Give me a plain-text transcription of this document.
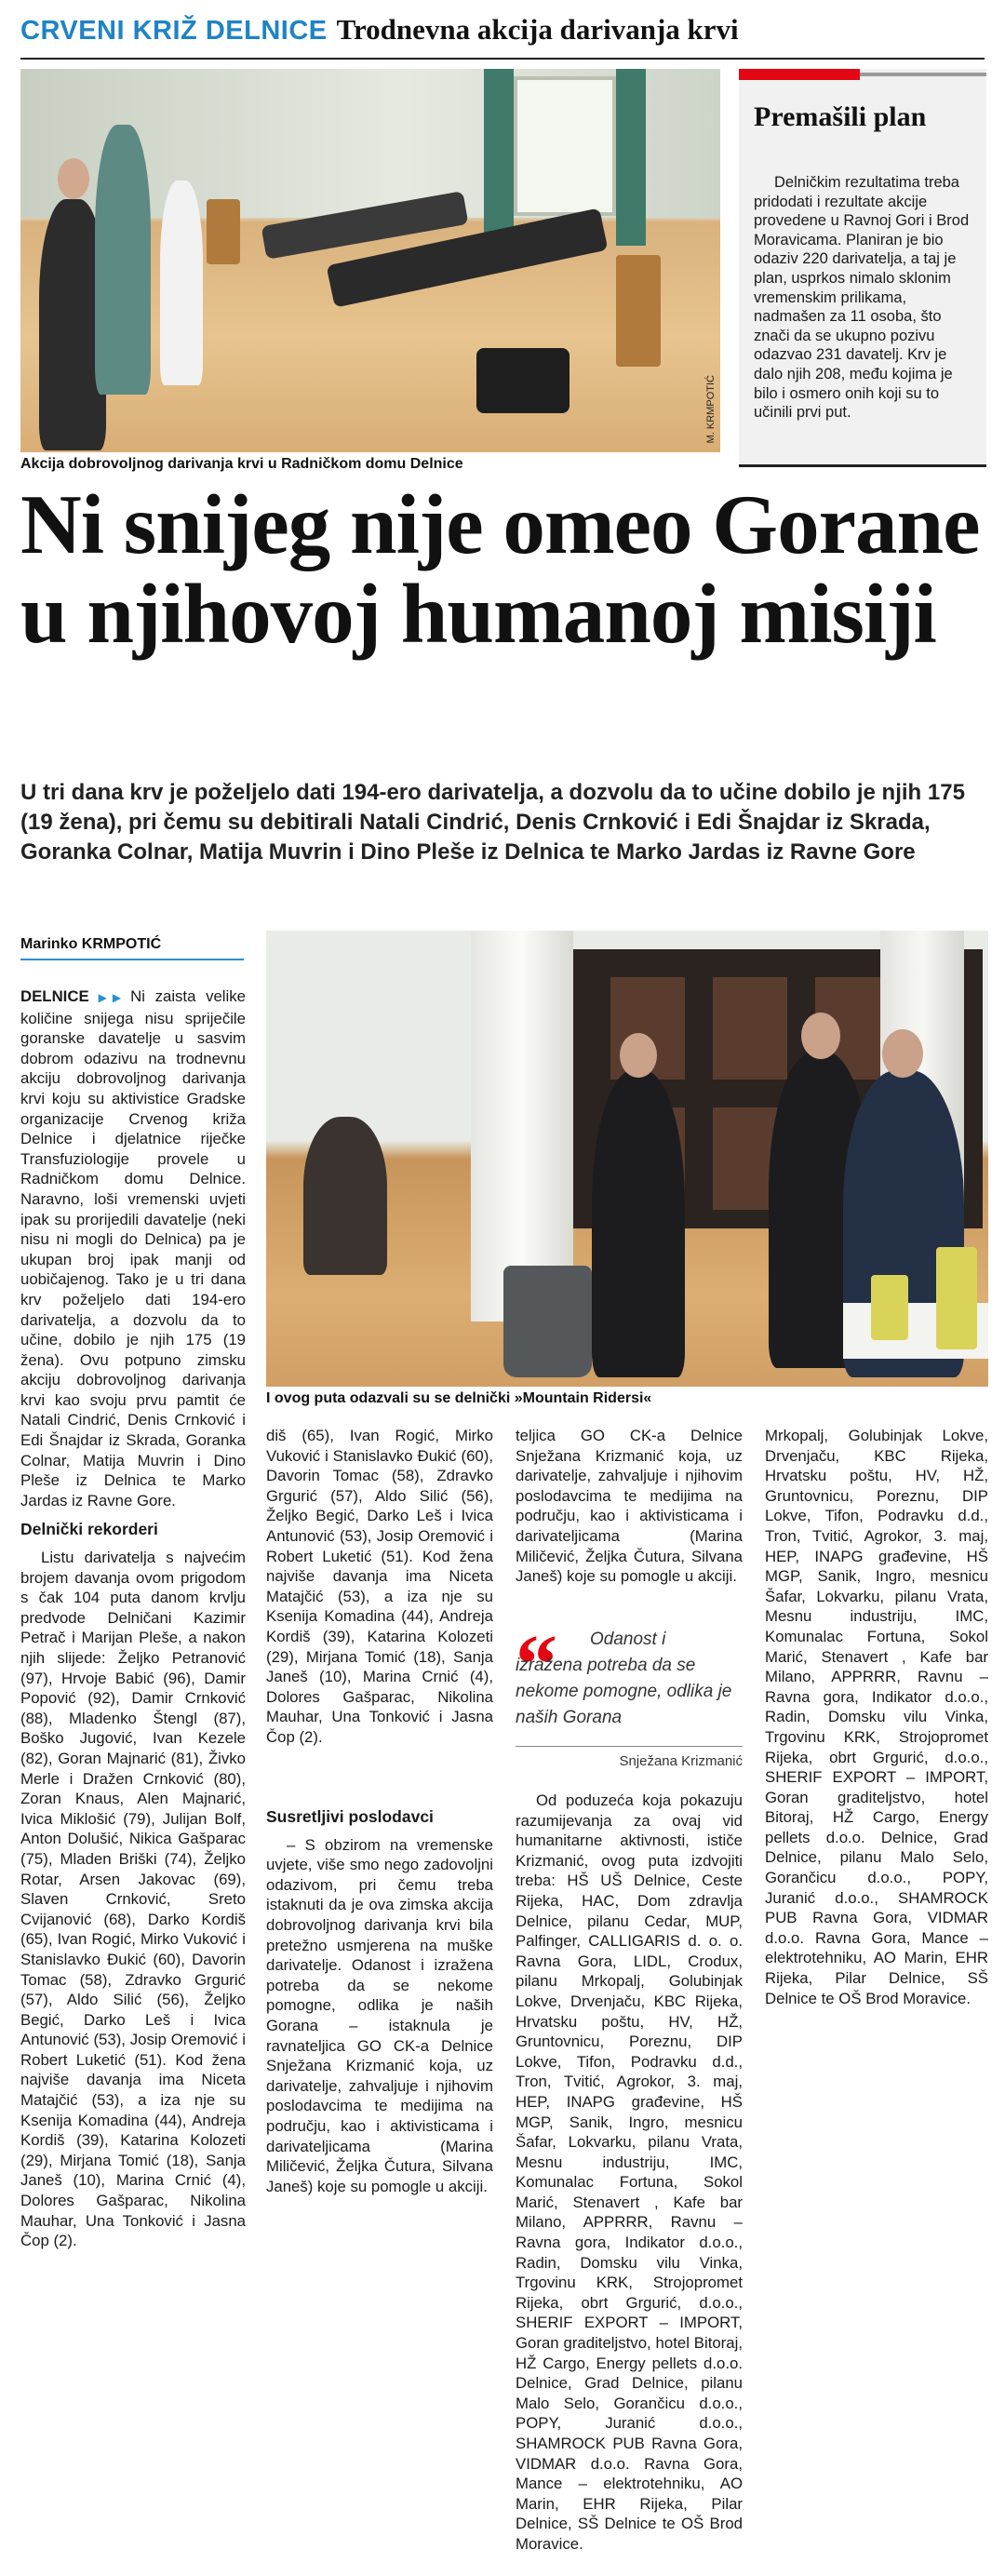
CRVENI KRIŽ DELNICE Trodnevna akcija darivanja krvi
M. KRMPOTIĆ
Akcija dobrovoljnog darivanja krvi u Radničkom domu Delnice
Premašili plan

Delničkim rezultatima treba pridodati i rezultate akcije provedene u Ravnoj Gori i Brod Moravicama. Planiran je bio odaziv 220 darivatelja, a taj je plan, usprkos nimalo sklonim vremenskim prilikama, nadmašen za 11 osoba, što znači da se ukupno pozivu odazvao 231 davatelj. Krv je dalo njih 208, među kojima je bilo i osmero onih koji su to učinili prvi put.

Ni snijeg nije omeo Gorane u njihovoj humanoj misiji

U tri dana krv je poželjelo dati 194-ero darivatelja, a dozvolu da to učine dobilo je njih 175 (19 žena), pri čemu su debitirali Natali Cindrić, Denis Crnković i Edi Šnajdar iz Skrada, Goranka Colnar, Matija Muvrin i Dino Pleše iz Delnica te Marko Jardas iz Ravne Gore

Marinko KRMPOTIĆ
I ovog puta odazvali su se delnički »Mountain Ridersi«

DELNICE ▶▶ Ni zaista velike količine snijega nisu spriječile goranske davatelje u sasvim dobrom odazivu na trodnevnu akciju dobrovoljnog darivanja krvi koju su aktivistice Gradske organizacije Crvenog križa Delnice i djelatnice riječke Transfuziologije provele u Radničkom domu Delnice. Naravno, loši vremenski uvjeti ipak su prorijedili davatelje (neki nisu ni mogli do Delnica) pa je ukupan broj ipak manji od uobičajenog. Tako je u tri dana krv poželjelo dati 194-ero darivatelja, a dozvolu da to učine, dobilo je njih 175 (19 žena). Ovu potpuno zimsku akciju dobrovoljnog darivanja krvi kao svoju prvu pamtit će Natali Cindrić, Denis Crnković i Edi Šnajdar iz Skrada, Goranka Colnar, Matija Muvrin i Dino Pleše iz Delnica te Marko Jardas iz Ravne Gore.

Delnički rekorderi

Listu darivatelja s najvećim brojem davanja ovom prigodom s čak 104 puta danom krvlju predvode Delničani Kazimir Petrač i Marijan Pleše, a nakon njih slijede: Željko Petranović (97), Hrvoje Babić (96), Damir Popović (92), Damir Crnković (88), Mladenko Štengl (87), Boško Jugović, Ivan Kezele (82), Goran Majnarić (81), Živko Merle i Dražen Crnković (80), Zoran Knaus, Alen Majnarić, Ivica Miklošić (79), Julijan Bolf, Anton Dolušić, Nikica Gašparac (75), Mladen Briški (74), Željko Rotar, Arsen Jakovac (69), Slaven Crnković, Sreto Cvijanović (68), Darko Kordiš (65), Ivan Rogić, Mirko Vuković i Stanislavko Đukić (60), Davorin Tomac (58), Zdravko Grgurić (57), Aldo Silić (56), Željko Begić, Darko Leš i Ivica Antunović (53), Josip Oremović i Robert Luketić (51). Kod žena najviše davanja ima Niceta Matajčić (53), a iza nje su Ksenija Komadina (44), Andreja Kordiš (39), Katarina Kolozeti (29), Mirjana Tomić (18), Sanja Janeš (10), Marina Crnić (4), Dolores Gašparac, Nikolina Mauhar, Una Tonković i Jasna Čop (2).

diš (65), Ivan Rogić, Mirko Vuković i Stanislavko Đukić (60), Davorin Tomac (58), Zdravko Grgurić (57), Aldo Silić (56), Željko Begić, Darko Leš i Ivica Antunović (53), Josip Oremović i Robert Luketić (51). Kod žena najviše davanja ima Niceta Matajčić (53), a iza nje su Ksenija Komadina (44), Andreja Kordiš (39), Katarina Kolozeti (29), Mirjana Tomić (18), Sanja Janeš (10), Marina Crnić (4), Dolores Gašparac, Nikolina Mauhar, Una Tonković i Jasna Čop (2).

Susretljivi poslodavci

– S obzirom na vremenske uvjete, više smo nego zadovoljni odazivom, pri čemu treba istaknuti da je ova zimska akcija dobrovoljnog darivanja krvi bila pretežno usmjerena na muške darivatelje. Odanost i izražena potreba da se nekome pomogne, odlika je naših Gorana – istaknula je ravnateljica GO CK-a Delnice Snježana Krizmanić koja, uz darivatelje, zahvaljuje i njihovim poslodavcima te medijima na području, kao i aktivisticama i darivateljicama (Marina Miličević, Željka Čutura, Silvana Janeš) koje su pomogle u akciji.

teljica GO CK-a Delnice Snježana Krizmanić koja, uz darivatelje, zahvaljuje i njihovim poslodavcima te medijima na području, kao i aktivisticama i darivateljicama (Marina Miličević, Željka Čutura, Silvana Janeš) koje su pomogle u akciji.

“	Odanost i izražena potreba da se nekome pomogne, odlika je naših Gorana
Snježana Krizmanić

Od poduzeća koja pokazuju razumijevanja za ovaj vid humanitarne aktivnosti, ističe Krizmanić, ovog puta izdvojiti treba: HŠ UŠ Delnice, Ceste Rijeka, HAC, Dom zdravlja Delnice, pilanu Cedar, MUP, Palfinger, CALLIGARIS d. o. o. Ravna Gora, LIDL, Crodux, pilanu Mrkopalj, Golubinjak Lokve, Drvenjaču, KBC Rijeka, Hrvatsku poštu, HV, HŽ, Gruntovnicu, Poreznu, DIP Lokve, Tifon, Podravku d.d., Tron, Tvitić, Agrokor, 3. maj, HEP, INAPG građevine, HŠ MGP, Sanik, Ingro, mesnicu Šafar, Lokvarku, pilanu Vrata, Mesnu industriju, IMC, Komunalac Fortuna, Sokol Marić, Stenavert , Kafe bar Milano, APPRRR, Ravnu – Ravna gora, Indikator d.o.o., Radin, Domsku vilu Vinka, Trgovinu KRK, Strojopromet Rijeka, obrt Grgurić, d.o.o., SHERIF EXPORT – IMPORT, Goran graditeljstvo, hotel Bitoraj, HŽ Cargo, Energy pellets d.o.o. Delnice, Grad Delnice, pilanu Malo Selo, Gorančicu d.o.o., POPY, Juranić d.o.o., SHAMROCK PUB Ravna Gora, VIDMAR d.o.o. Ravna Gora, Mance – elektrotehniku, AO Marin, EHR Rijeka, Pilar Delnice, SŠ Delnice te OŠ Brod Moravice.

Mrkopalj, Golubinjak Lokve, Drvenjaču, KBC Rijeka, Hrvatsku poštu, HV, HŽ, Gruntovnicu, Poreznu, DIP Lokve, Tifon, Podravku d.d., Tron, Tvitić, Agrokor, 3. maj, HEP, INAPG građevine, HŠ MGP, Sanik, Ingro, mesnicu Šafar, Lokvarku, pilanu Vrata, Mesnu industriju, IMC, Komunalac Fortuna, Sokol Marić, Stenavert , Kafe bar Milano, APPRRR, Ravnu – Ravna gora, Indikator d.o.o., Radin, Domsku vilu Vinka, Trgovinu KRK, Strojopromet Rijeka, obrt Grgurić, d.o.o., SHERIF EXPORT – IMPORT, Goran graditeljstvo, hotel Bitoraj, HŽ Cargo, Energy pellets d.o.o. Delnice, Grad Delnice, pilanu Malo Selo, Gorančicu d.o.o., POPY, Juranić d.o.o., SHAMROCK PUB Ravna Gora, VIDMAR d.o.o. Ravna Gora, Mance – elektrotehniku, AO Marin, EHR Rijeka, Pilar Delnice, SŠ Delnice te OŠ Brod Moravice.
